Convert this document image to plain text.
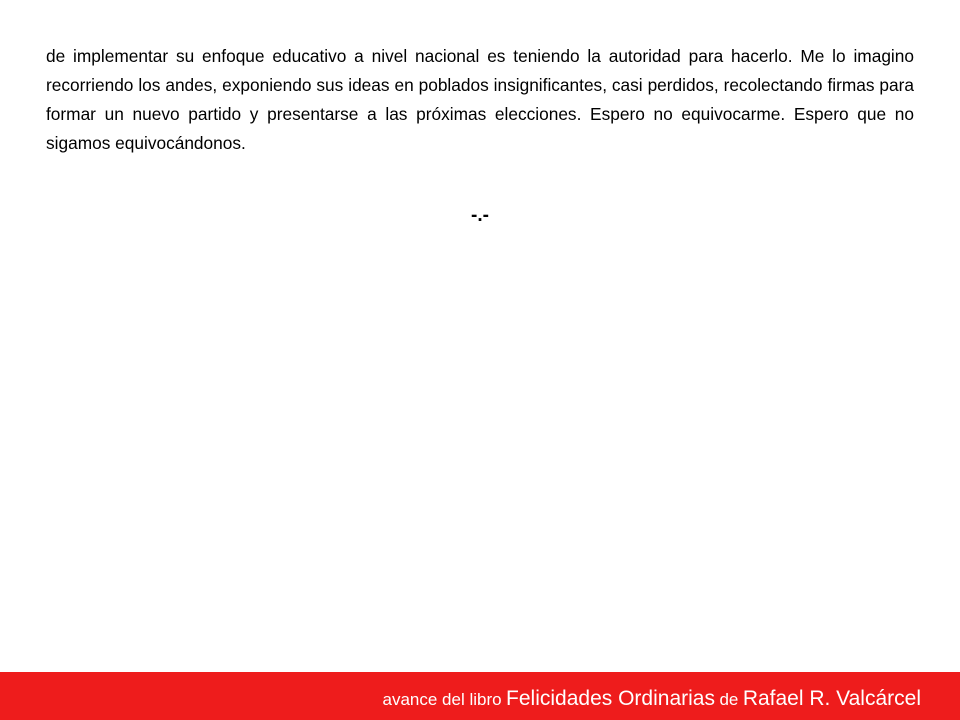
de implementar su enfoque educativo a nivel nacional es teniendo la autoridad para hacerlo. Me lo imagino recorriendo los andes, exponiendo sus ideas en poblados insignificantes, casi perdidos, recolectando firmas para formar un nuevo partido y presentarse a las próximas elecciones. Espero no equivocarme. Espero que no sigamos equivocándonos.

-.-

avance del libro Felicidades Ordinarias de Rafael R. Valcárcel
